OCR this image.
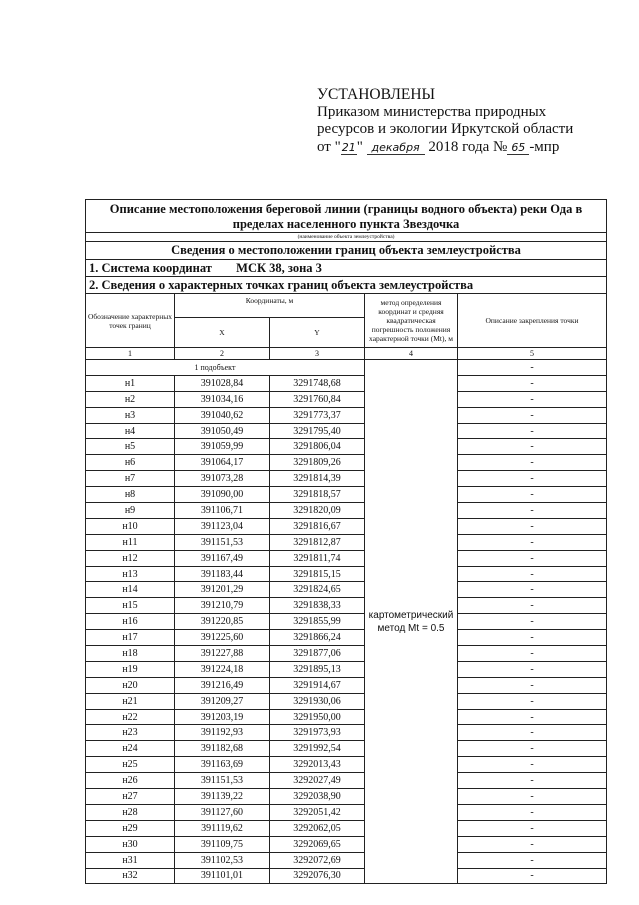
УСТАНОВЛЕНЫ
Приказом министерства природных
ресурсов и экологии Иркутской области
от "21" декабря 2018 года № 65 -мпр
Описание местоположения береговой линии (границы водного объекта) реки Ода в пределах населенного пункта Звездочка				
(наименование объекта землеустройства)				
Сведения о местоположении границ объекта землеустройства				
1. Система координат МСК 38, зона 3				
2. Сведения о характерных точках границ объекта землеустройства				
Обозначение характерных точек границ	Координаты, м		метод определения координат и средняя квадратическая погрешность положения характерной точки (Mt), м	Описание закрепления точки
	X	Y		
1	2	3	4	5
	1 подобъект		картометрический метод Mt = 0.5	-
н1	391028,84	3291748,68		-
н2	391034,16	3291760,84		-
н3	391040,62	3291773,37		-
н4	391050,49	3291795,40		-
н5	391059,99	3291806,04		-
н6	391064,17	3291809,26		-
н7	391073,28	3291814,39		-
н8	391090,00	3291818,57		-
н9	391106,71	3291820,09		-
н10	391123,04	3291816,67		-
н11	391151,53	3291812,87		-
н12	391167,49	3291811,74		-
н13	391183,44	3291815,15		-
н14	391201,29	3291824,65		-
н15	391210,79	3291838,33		-
н16	391220,85	3291855,99		-
н17	391225,60	3291866,24		-
н18	391227,88	3291877,06		-
н19	391224,18	3291895,13		-
н20	391216,49	3291914,67		-
н21	391209,27	3291930,06		-
н22	391203,19	3291950,00		-
н23	391192,93	3291973,93		-
н24	391182,68	3291992,54		-
н25	391163,69	3292013,43		-
н26	391151,53	3292027,49		-
н27	391139,22	3292038,90		-
н28	391127,60	3292051,42		-
н29	391119,62	3292062,05		-
н30	391109,75	3292069,65		-
н31	391102,53	3292072,69		-
н32	391101,01	3292076,30		-
